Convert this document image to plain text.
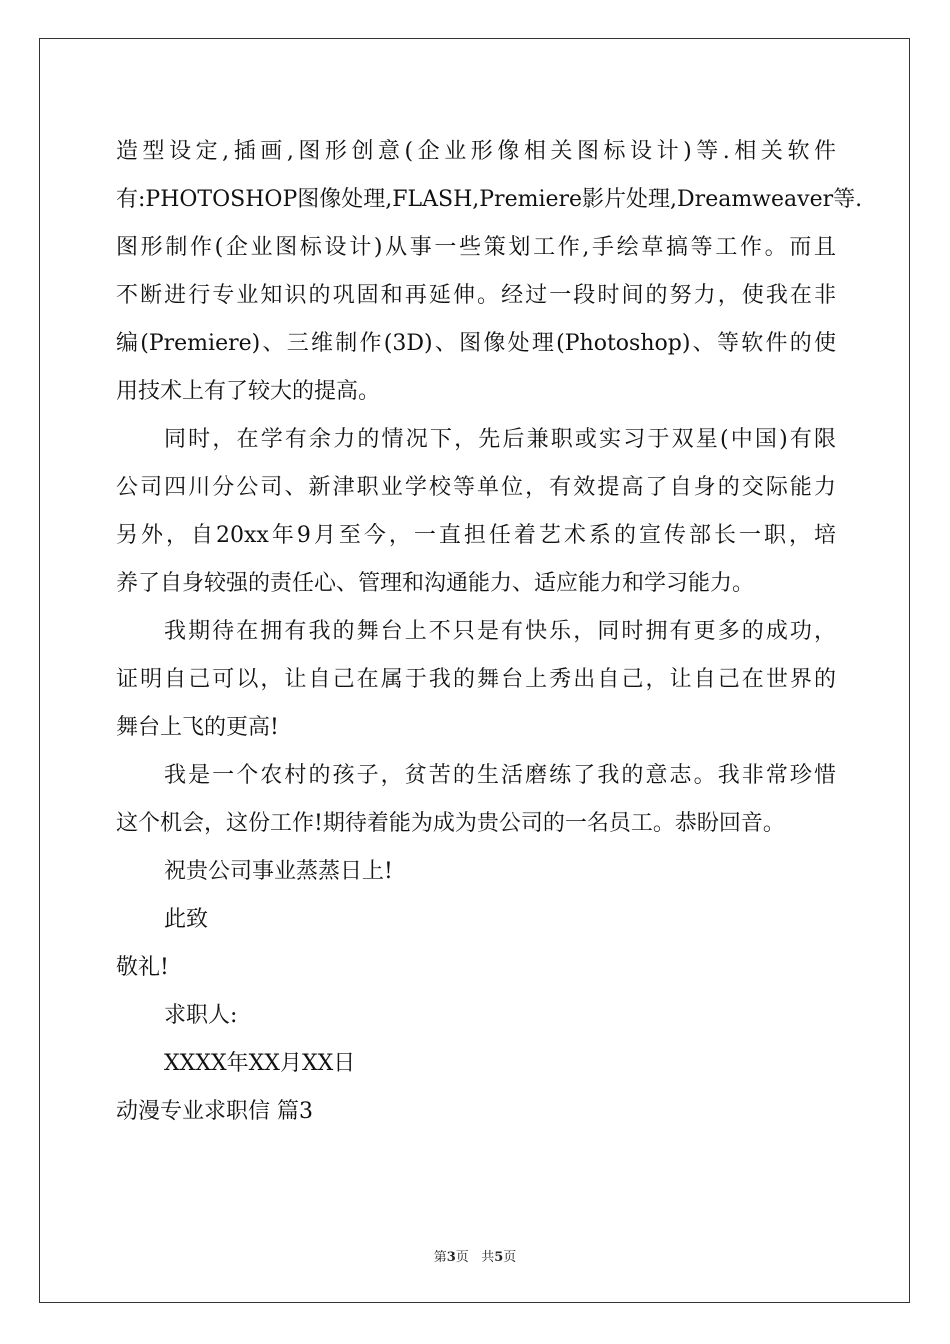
造型设定,插画,图形创意(企业形像相关图标设计)等.相关软件
有:PHOTOSHOP图像处理,FLASH,Premiere影片处理,Dreamweaver等.
图形制作(企业图标设计)从事一些策划工作,手绘草搞等工作。而且
不断进行专业知识的巩固和再延伸。经过一段时间的努力，使我在非
编(Premiere)、三维制作(3D)、图像处理(Photoshop)、等软件的使
用技术上有了较大的提高。
同时，在学有余力的情况下，先后兼职或实习于双星(中国)有限
公司四川分公司、新津职业学校等单位，有效提高了自身的交际能力
另外，自20xx年9月至今，一直担任着艺术系的宣传部长一职，培
养了自身较强的责任心、管理和沟通能力、适应能力和学习能力。
我期待在拥有我的舞台上不只是有快乐，同时拥有更多的成功，
证明自己可以，让自己在属于我的舞台上秀出自己，让自己在世界的
舞台上飞的更高!
我是一个农村的孩子，贫苦的生活磨练了我的意志。我非常珍惜
这个机会，这份工作!期待着能为成为贵公司的一名员工。恭盼回音。
祝贵公司事业蒸蒸日上!
此致
敬礼!
求职人:
XXXX年XX月XX日
动漫专业求职信 篇3
第3页 共5页
